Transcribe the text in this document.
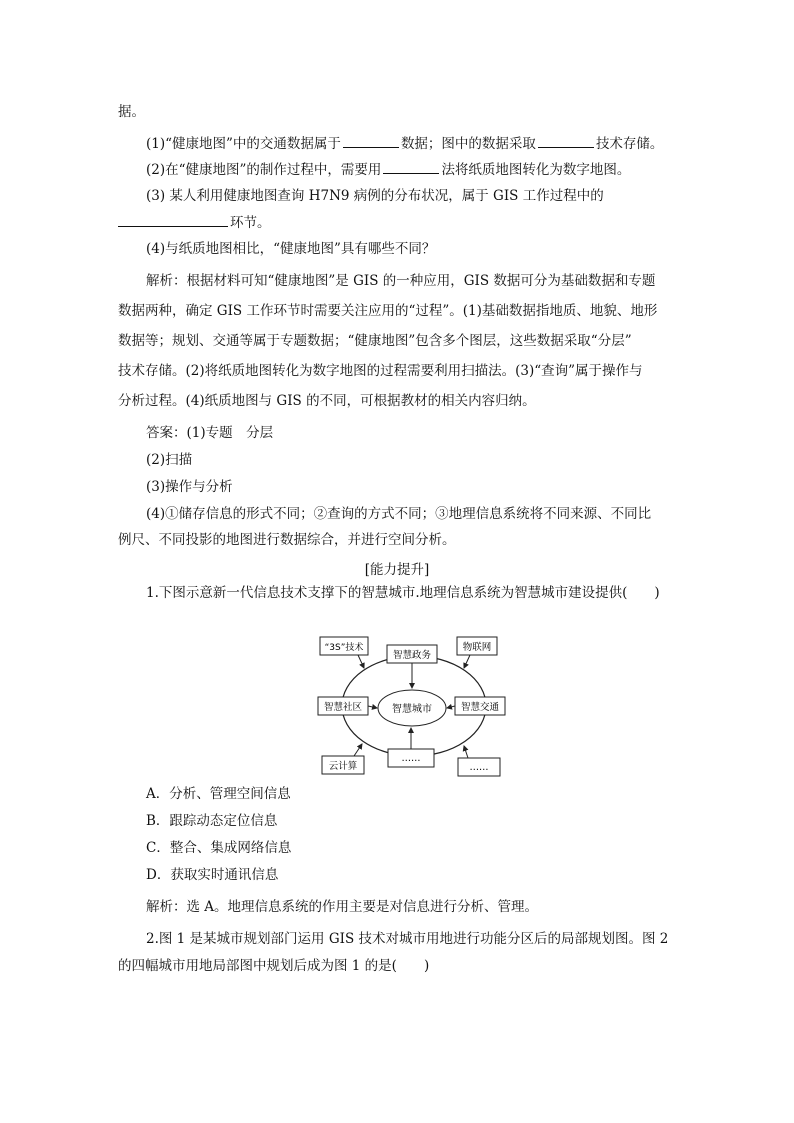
据。
(1)“健康地图”中的交通数据属于	数据；图中的数据采取	技术存储。
(2)在“健康地图”的制作过程中，需要用	法将纸质地图转化为数字地图。
(3) 某人利用健康地图查询 H7N9 病例的分布状况，属于 GIS 工作过程中的
环节。
(4)与纸质地图相比，“健康地图”具有哪些不同？
解析：根据材料可知“健康地图”是 GIS 的一种应用，GIS 数据可分为基础数据和专题
数据两种，确定 GIS 工作环节时需要关注应用的“过程”。(1)基础数据指地质、地貌、地形
数据等；规划、交通等属于专题数据；“健康地图”包含多个图层，这些数据采取“分层”
技术存储。(2)将纸质地图转化为数字地图的过程需要利用扫描法。(3)“查询”属于操作与
分析过程。(4)纸质地图与 GIS 的不同，可根据教材的相关内容归纳。
答案：(1)专题　分层
(2)扫描
(3)操作与分析
(4)①储存信息的形式不同；②查询的方式不同；③地理信息系统将不同来源、不同比
例尺、不同投影的地图进行数据综合，并进行空间分析。
[能力提升]
1.下图示意新一代信息技术支撑下的智慧城市.地理信息系统为智慧城市建设提供(　　)
智慧城市
智慧政务
智慧社区	智慧交通
……
“3S”技术	物联网
云计算	……
A．分析、管理空间信息
B．跟踪动态定位信息
C．整合、集成网络信息
D．获取实时通讯信息
解析：选 A。地理信息系统的作用主要是对信息进行分析、管理。
2.图 1 是某城市规划部门运用 GIS 技术对城市用地进行功能分区后的局部规划图。图 2
的四幅城市用地局部图中规划后成为图 1 的是(　　)
